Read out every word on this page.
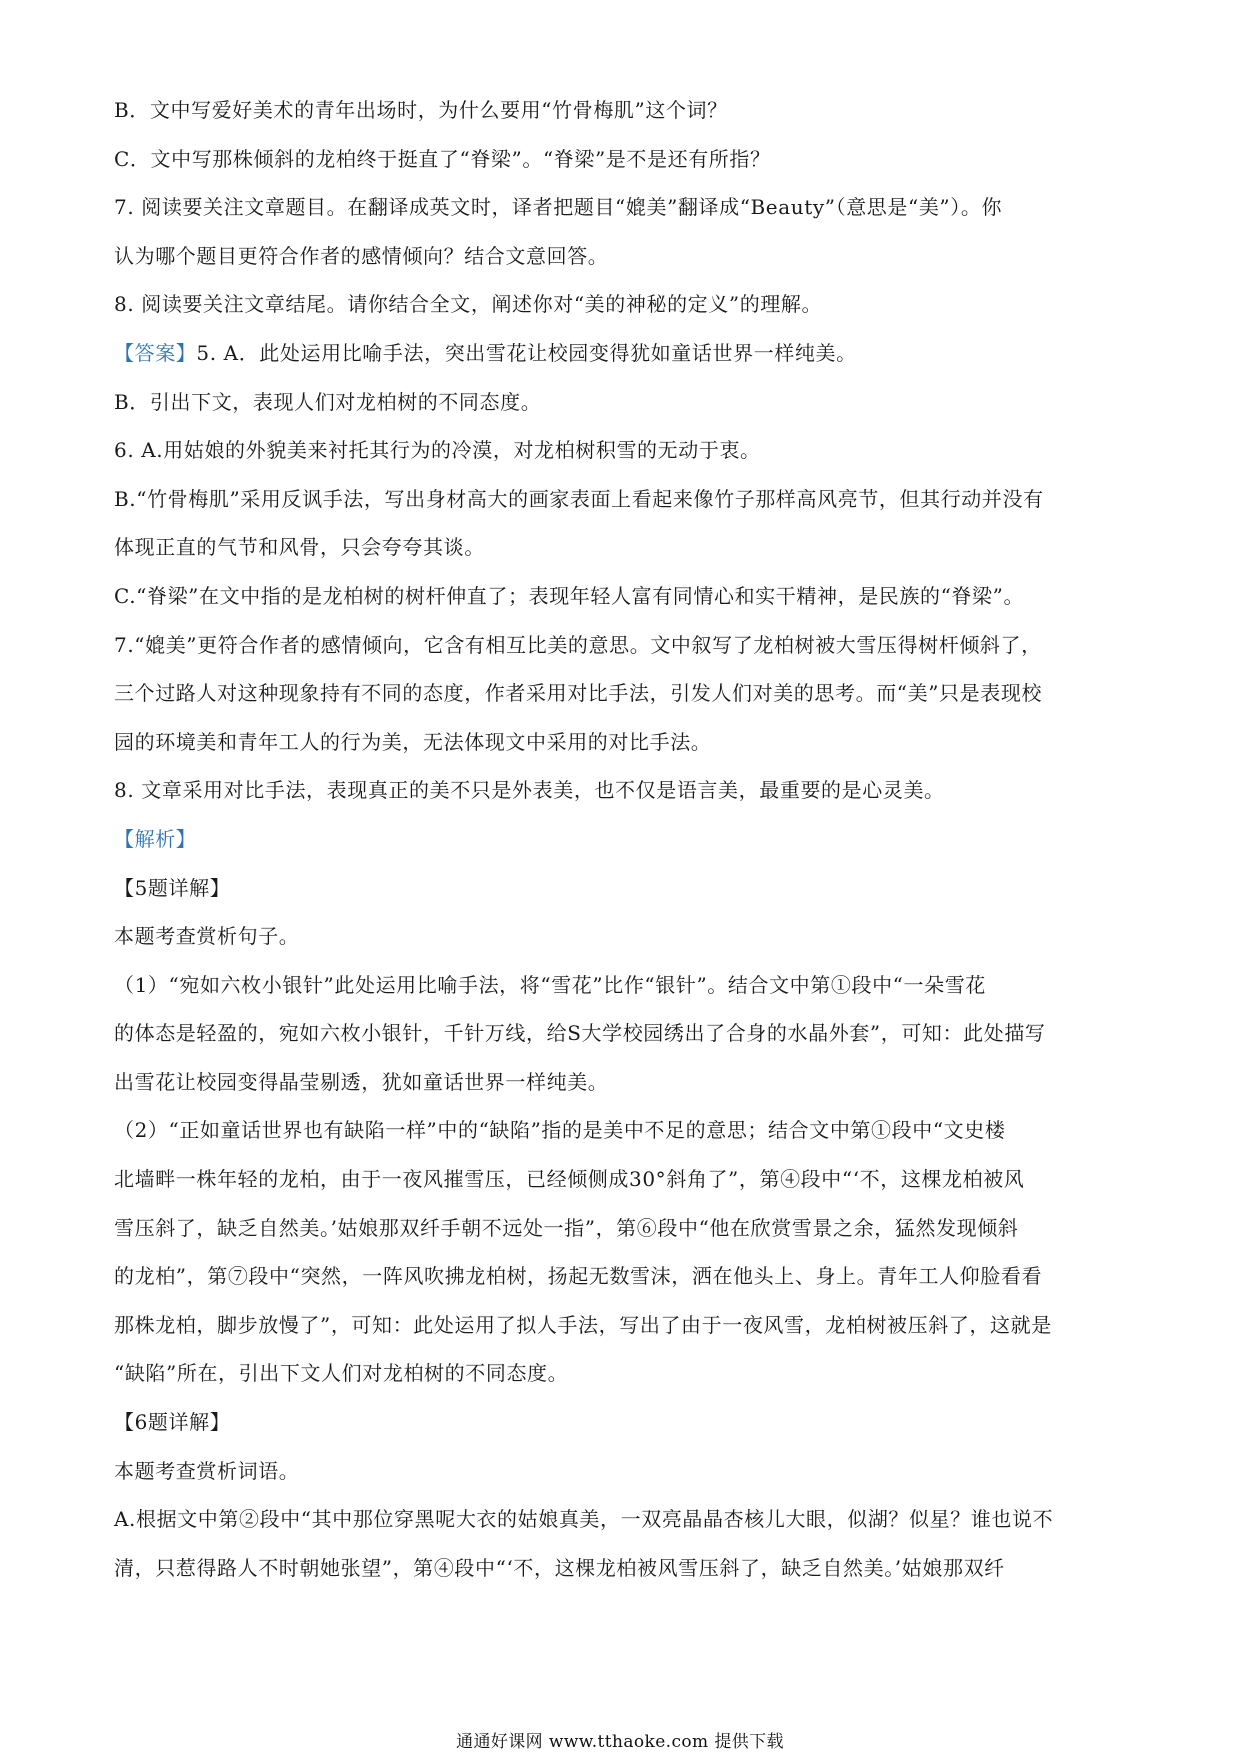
B．文中写爱好美术的青年出场时，为什么要用“竹骨梅肌”这个词？
C．文中写那株倾斜的龙柏终于挺直了“脊梁”。“脊梁”是不是还有所指？
7. 阅读要关注文章题目。在翻译成英文时，译者把题目“媲美”翻译成“Beauty”（意思是“美”）。你
认为哪个题目更符合作者的感情倾向？结合文意回答。
8. 阅读要关注文章结尾。请你结合全文，阐述你对“美的神秘的定义”的理解。
【答案】5. A．此处运用比喻手法，突出雪花让校园变得犹如童话世界一样纯美。
B．引出下文，表现人们对龙柏树的不同态度。
6. A.用姑娘的外貌美来衬托其行为的冷漠，对龙柏树积雪的无动于衷。
B.“竹骨梅肌”采用反讽手法，写出身材高大的画家表面上看起来像竹子那样高风亮节，但其行动并没有
体现正直的气节和风骨，只会夸夸其谈。
C.“脊梁”在文中指的是龙柏树的树杆伸直了；表现年轻人富有同情心和实干精神，是民族的“脊梁”。
7.“媲美”更符合作者的感情倾向，它含有相互比美的意思。文中叙写了龙柏树被大雪压得树杆倾斜了，
三个过路人对这种现象持有不同的态度，作者采用对比手法，引发人们对美的思考。而“美”只是表现校
园的环境美和青年工人的行为美，无法体现文中采用的对比手法。
8. 文章采用对比手法，表现真正的美不只是外表美，也不仅是语言美，最重要的是心灵美。
【解析】
【5题详解】
本题考查赏析句子。
（1）“宛如六枚小银针”此处运用比喻手法，将“雪花”比作“银针”。结合文中第①段中“一朵雪花
的体态是轻盈的，宛如六枚小银针，千针万线，给S大学校园绣出了合身的水晶外套”，可知：此处描写
出雪花让校园变得晶莹剔透，犹如童话世界一样纯美。
（2）“正如童话世界也有缺陷一样”中的“缺陷”指的是美中不足的意思；结合文中第①段中“文史楼
北墙畔一株年轻的龙柏，由于一夜风摧雪压，已经倾侧成30°斜角了”，第④段中“‘不，这棵龙柏被风
雪压斜了，缺乏自然美。’姑娘那双纤手朝不远处一指”，第⑥段中“他在欣赏雪景之余，猛然发现倾斜
的龙柏”，第⑦段中“突然，一阵风吹拂龙柏树，扬起无数雪沫，洒在他头上、身上。青年工人仰脸看看
那株龙柏，脚步放慢了”，可知：此处运用了拟人手法，写出了由于一夜风雪，龙柏树被压斜了，这就是
“缺陷”所在，引出下文人们对龙柏树的不同态度。
【6题详解】
本题考查赏析词语。
A.根据文中第②段中“其中那位穿黑呢大衣的姑娘真美，一双亮晶晶杏核儿大眼，似湖？似星？谁也说不
清，只惹得路人不时朝她张望”，第④段中“‘不，这棵龙柏被风雪压斜了，缺乏自然美。’姑娘那双纤
通通好课网 www.tthaoke.com 提供下载
